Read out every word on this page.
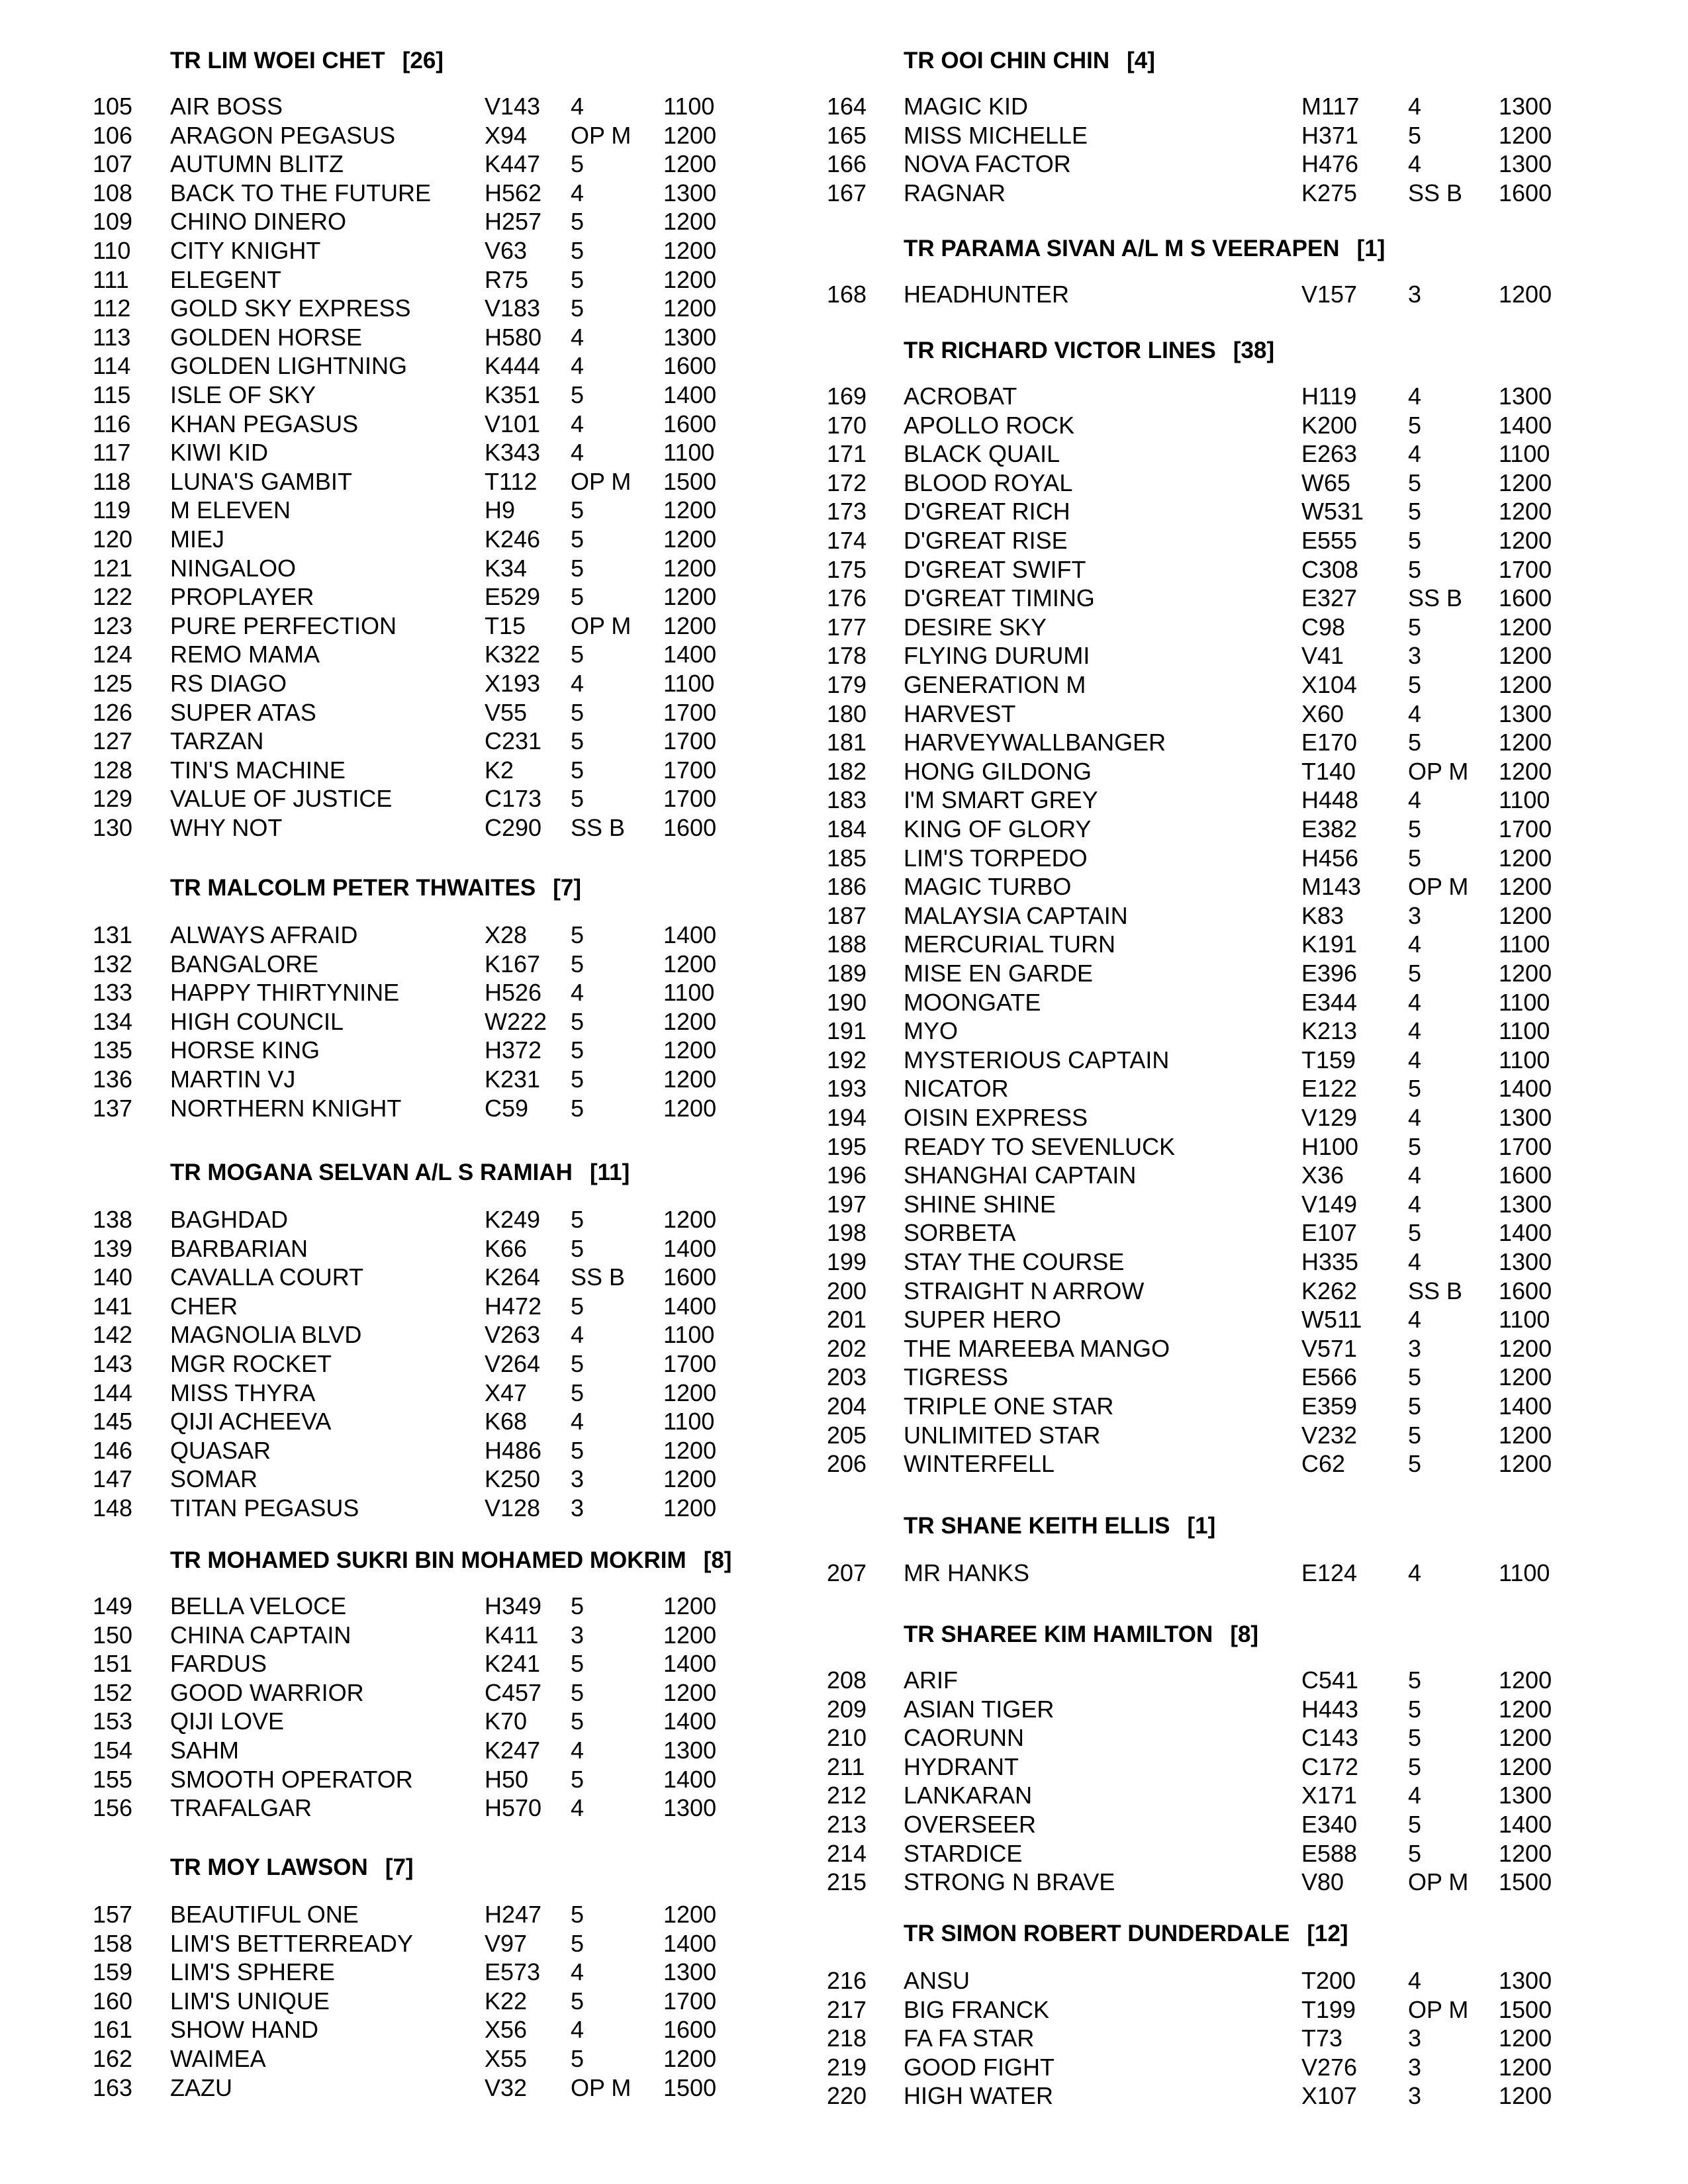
TR LIM WOEI CHET [26]
105 AIR BOSS	V143 4	1100
106 ARAGON PEGASUS	X94 OP M 1200
107 AUTUMN BLITZ	K447 5	1200
108 BACK TO THE FUTURE H562 4	1300
109 CHINO DINERO	H257 5	1200
110 CITY KNIGHT	V63 5	1200
111 ELEGENT	R75 5	1200
112 GOLD SKY EXPRESS	V183 5	1200
113 GOLDEN HORSE	H580 4	1300
114 GOLDEN LIGHTNING	K444 4	1600
115 ISLE OF SKY	K351 5	1400
116 KHAN PEGASUS	V101 4	1600
117 KIWI KID	K343 4	1100
118 LUNA'S GAMBIT	T112 OP M 1500
119 M ELEVEN	H9 5	1200
120 MIEJ	K246 5	1200
121 NINGALOO	K34 5	1200
122 PROPLAYER	E529 5	1200
123 PURE PERFECTION	T15 OP M 1200
124 REMO MAMA	K322 5	1400
125 RS DIAGO	X193 4	1100
126 SUPER ATAS	V55 5	1700
127 TARZAN	C231 5	1700
128 TIN'S MACHINE	K2 5	1700
129 VALUE OF JUSTICE	C173 5	1700
130 WHY NOT	C290 SS B 1600
TR MALCOLM PETER THWAITES [7]
131 ALWAYS AFRAID	X28 5	1400
132 BANGALORE	K167 5	1200
133 HAPPY THIRTYNINE	H526 4	1100
134 HIGH COUNCIL	W222 5	1200
135 HORSE KING	H372 5	1200
136 MARTIN VJ	K231 5	1200
137 NORTHERN KNIGHT	C59 5	1200
TR MOGANA SELVAN A/L S RAMIAH [11]
138 BAGHDAD	K249 5	1200
139 BARBARIAN	K66 5	1400
140 CAVALLA COURT	K264 SS B 1600
141 CHER	H472 5	1400
142 MAGNOLIA BLVD	V263 4	1100
143 MGR ROCKET	V264 5	1700
144 MISS THYRA	X47 5	1200
145 QIJI ACHEEVA	K68 4	1100
146 QUASAR	H486 5	1200
147 SOMAR	K250 3	1200
148 TITAN PEGASUS	V128 3	1200
TR MOHAMED SUKRI BIN MOHAMED MOKRIM [8]
149 BELLA VELOCE	H349 5	1200
150 CHINA CAPTAIN	K411 3	1200
151 FARDUS	K241 5	1400
152 GOOD WARRIOR	C457 5	1200
153 QIJI LOVE	K70 5	1400
154 SAHM	K247 4	1300
155 SMOOTH OPERATOR	H50 5	1400
156 TRAFALGAR	H570 4	1300
TR MOY LAWSON [7]
157 BEAUTIFUL ONE	H247 5	1200
158 LIM'S BETTERREADY	V97 5	1400
159 LIM'S SPHERE	E573 4	1300
160 LIM'S UNIQUE	K22 5	1700
161 SHOW HAND	X56 4	1600
162 WAIMEA	X55 5	1200
163 ZAZU	V32 OP M 1500
TR OOI CHIN CHIN [4]
164 MAGIC KID	M117 4	1300
165 MISS MICHELLE	H371 5	1200
166 NOVA FACTOR	H476 4	1300
167 RAGNAR	K275 SS B 1600
TR PARAMA SIVAN A/L M S VEERAPEN [1]
168 HEADHUNTER	V157 3	1200
TR RICHARD VICTOR LINES [38]
169 ACROBAT	H119 4	1300
170 APOLLO ROCK	K200 5	1400
171 BLACK QUAIL	E263 4	1100
172 BLOOD ROYAL	W65 5	1200
173 D'GREAT RICH	W531 5	1200
174 D'GREAT RISE	E555 5	1200
175 D'GREAT SWIFT	C308 5	1700
176 D'GREAT TIMING	E327 SS B 1600
177 DESIRE SKY	C98	5	1200
178 FLYING DURUMI	V41	3	1200
179 GENERATION M	X104 5	1200
180 HARVEST	X60	4	1300
181 HARVEYWALLBANGER	E170 5	1200
182 HONG GILDONG	T140 OP M 1200
183 I'M SMART GREY	H448 4	1100
184 KING OF GLORY	E382 5	1700
185 LIM'S TORPEDO	H456 5	1200
186 MAGIC TURBO	M143 OP M 1200
187 MALAYSIA CAPTAIN	K83	3	1200
188 MERCURIAL TURN	K191 4	1100
189 MISE EN GARDE	E396 5	1200
190 MOONGATE	E344 4	1100
191 MYO	K213 4	1100
192 MYSTERIOUS CAPTAIN	T159 4	1100
193 NICATOR	E122 5	1400
194 OISIN EXPRESS	V129 4	1300
195 READY TO SEVENLUCK	H100 5	1700
196 SHANGHAI CAPTAIN	X36	4	1600
197 SHINE SHINE	V149 4	1300
198 SORBETA	E107 5	1400
199 STAY THE COURSE	H335 4	1300
200 STRAIGHT N ARROW	K262 SS B 1600
201 SUPER HERO	W511 4	1100
202 THE MAREEBA MANGO	V571 3	1200
203 TIGRESS	E566 5	1200
204 TRIPLE ONE STAR	E359 5	1400
205 UNLIMITED STAR	V232 5	1200
206 WINTERFELL	C62	5	1200
TR SHANE KEITH ELLIS [1]
207 MR HANKS	E124 4	1100
TR SHAREE KIM HAMILTON [8]
208 ARIF	C541 5	1200
209 ASIAN TIGER	H443 5	1200
210 CAORUNN	C143 5	1200
211 HYDRANT	C172 5	1200
212 LANKARAN	X171 4	1300
213 OVERSEER	E340 5	1400
214 STARDICE	E588 5	1200
215 STRONG N BRAVE	V80	OP M 1500
TR SIMON ROBERT DUNDERDALE [12]
216 ANSU	T200 4	1300
217 BIG FRANCK	T199 OP M 1500
218 FA FA STAR	T73	3	1200
219 GOOD FIGHT	V276 3	1200
220 HIGH WATER	X107 3	1200
